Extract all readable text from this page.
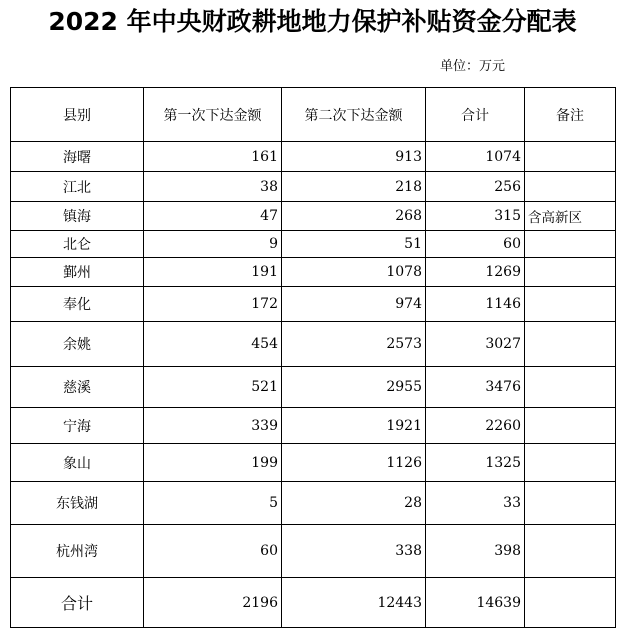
2022 年中央财政耕地地力保护补贴资金分配表
单位：万元
县别	第一次下达金额	第二次下达金额	合计	备注
海曙	161	913	1074	
江北	38	218	256	
镇海	47	268	315	含高新区
北仑	9	51	60	
鄞州	191	1078	1269	
奉化	172	974	1146	
余姚	454	2573	3027	
慈溪	521	2955	3476	
宁海	339	1921	2260	
象山	199	1126	1325	
东钱湖	5	28	33	
杭州湾	60	338	398	
合计	2196	12443	14639	
